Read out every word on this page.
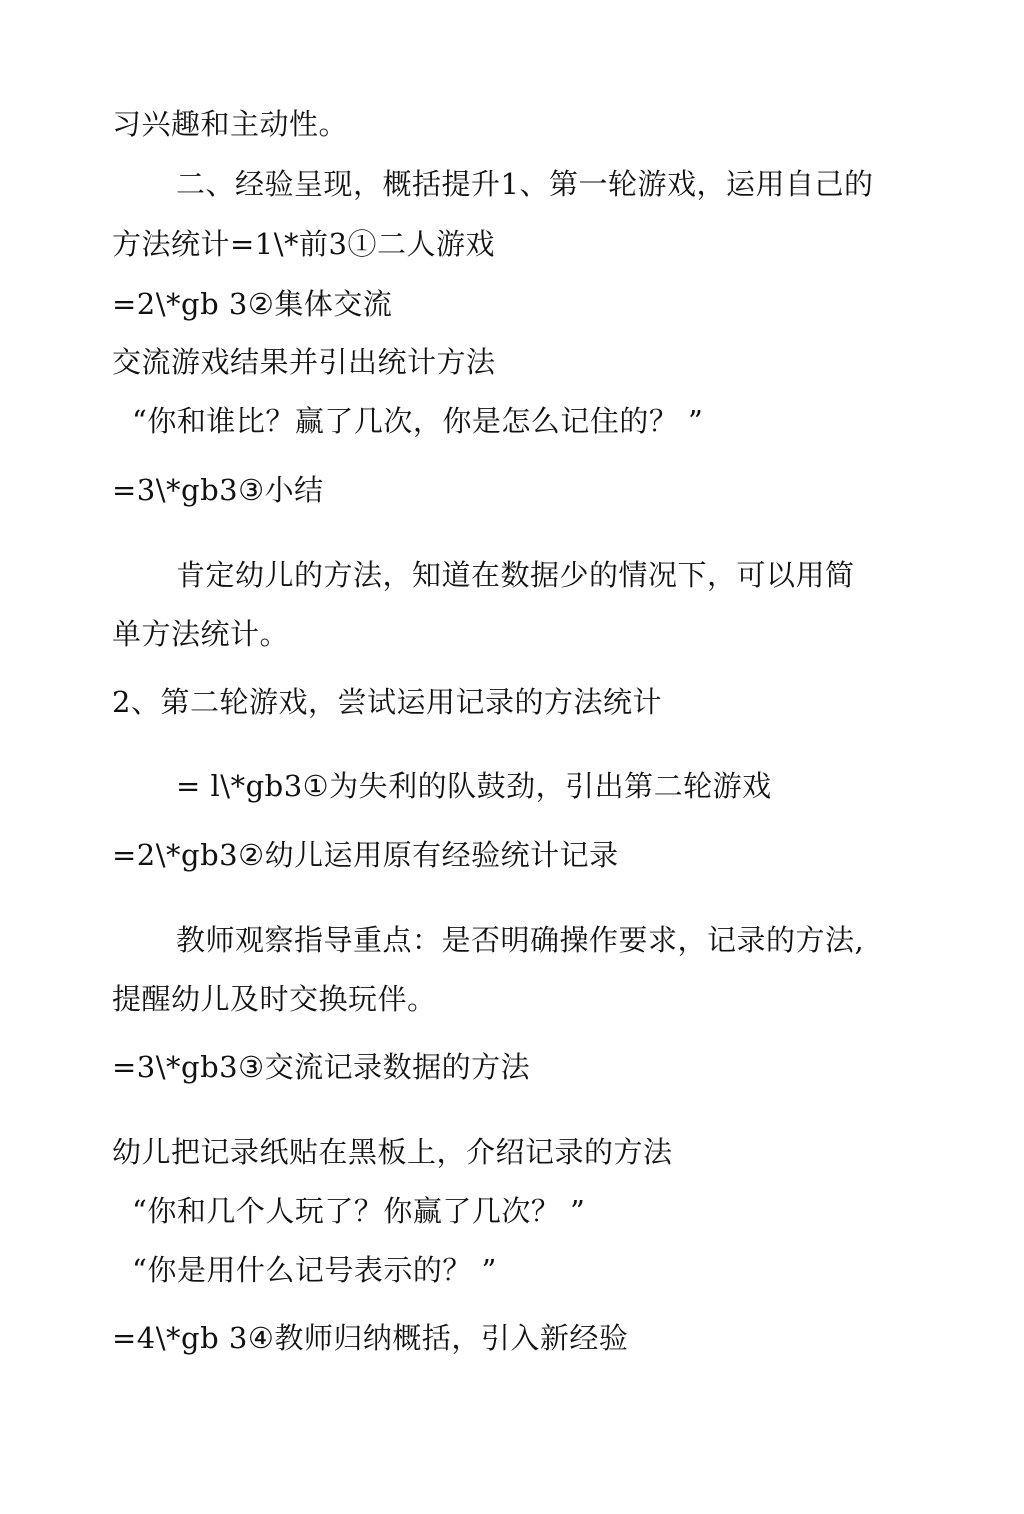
习兴趣和主动性。
二、经验呈现，概括提升1、第一轮游戏，运用自己的
方法统计=1\*前3①二人游戏
=2\*gb 3②集体交流
交流游戏结果并引出统计方法
“你和谁比？赢了几次，你是怎么记住的？ ”
=3\*gb3③小结
肯定幼儿的方法，知道在数据少的情况下，可以用简
单方法统计。
2、第二轮游戏，尝试运用记录的方法统计
= l\*gb3①为失利的队鼓劲，引出第二轮游戏
=2\*gb3②幼儿运用原有经验统计记录
教师观察指导重点：是否明确操作要求，记录的方法,
提醒幼儿及时交换玩伴。
=3\*gb3③交流记录数据的方法
幼儿把记录纸贴在黑板上，介绍记录的方法
“你和几个人玩了？你赢了几次？ ”
“你是用什么记号表示的？ ”
=4\*gb 3④教师归纳概括，引入新经验
